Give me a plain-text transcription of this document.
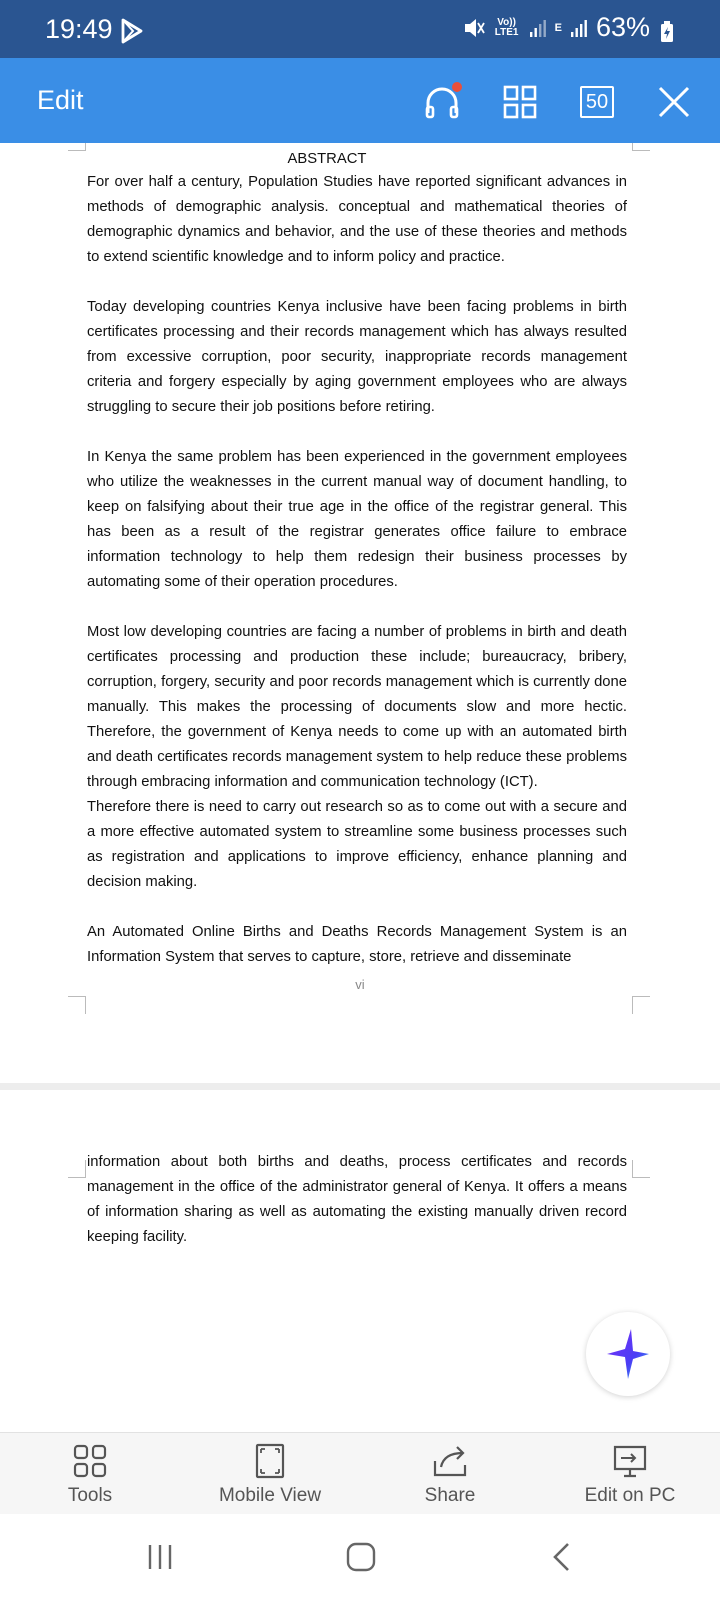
19:49	Vo)) LTE1	E 63%
Edit	50
ABSTRACT

For over half a century, Population Studies have reported significant advances in methods of demographic analysis. conceptual and mathematical theories of demographic dynamics and behavior, and the use of these theories and methods to extend scientific knowledge and to inform policy and practice.

Today developing countries Kenya inclusive have been facing problems in birth certificates processing and their records management which has always resulted from excessive corruption, poor security, inappropriate records management criteria and forgery especially by aging government employees who are always struggling to secure their job positions before retiring.

In Kenya the same problem has been experienced in the government employees who utilize the weaknesses in the current manual way of document handling, to keep on falsifying about their true age in the office of the registrar general. This has been as a result of the registrar generates office failure to embrace information technology to help them redesign their business processes by automating some of their operation procedures.

Most low developing countries are facing a number of problems in birth and death certificates processing and production these include; bureaucracy, bribery, corruption, forgery, security and poor records management which is currently done manually. This makes the processing of documents slow and more hectic. Therefore, the government of Kenya needs to come up with an automated birth and death certificates records management system to help reduce these problems through embracing information and communication technology (ICT).

Therefore there is need to carry out research so as to come out with a secure and a more effective automated system to streamline some business processes such as registration and applications to improve efficiency, enhance planning and decision making.

An Automated Online Births and Deaths Records Management System is an Information System that serves to capture, store, retrieve and disseminate

vi

information about both births and deaths, process certificates and records management in the office of the administrator general of Kenya. It offers a means of information sharing as well as automating the existing manually driven record keeping facility.

Tools	Mobile View	Share	Edit on PC
